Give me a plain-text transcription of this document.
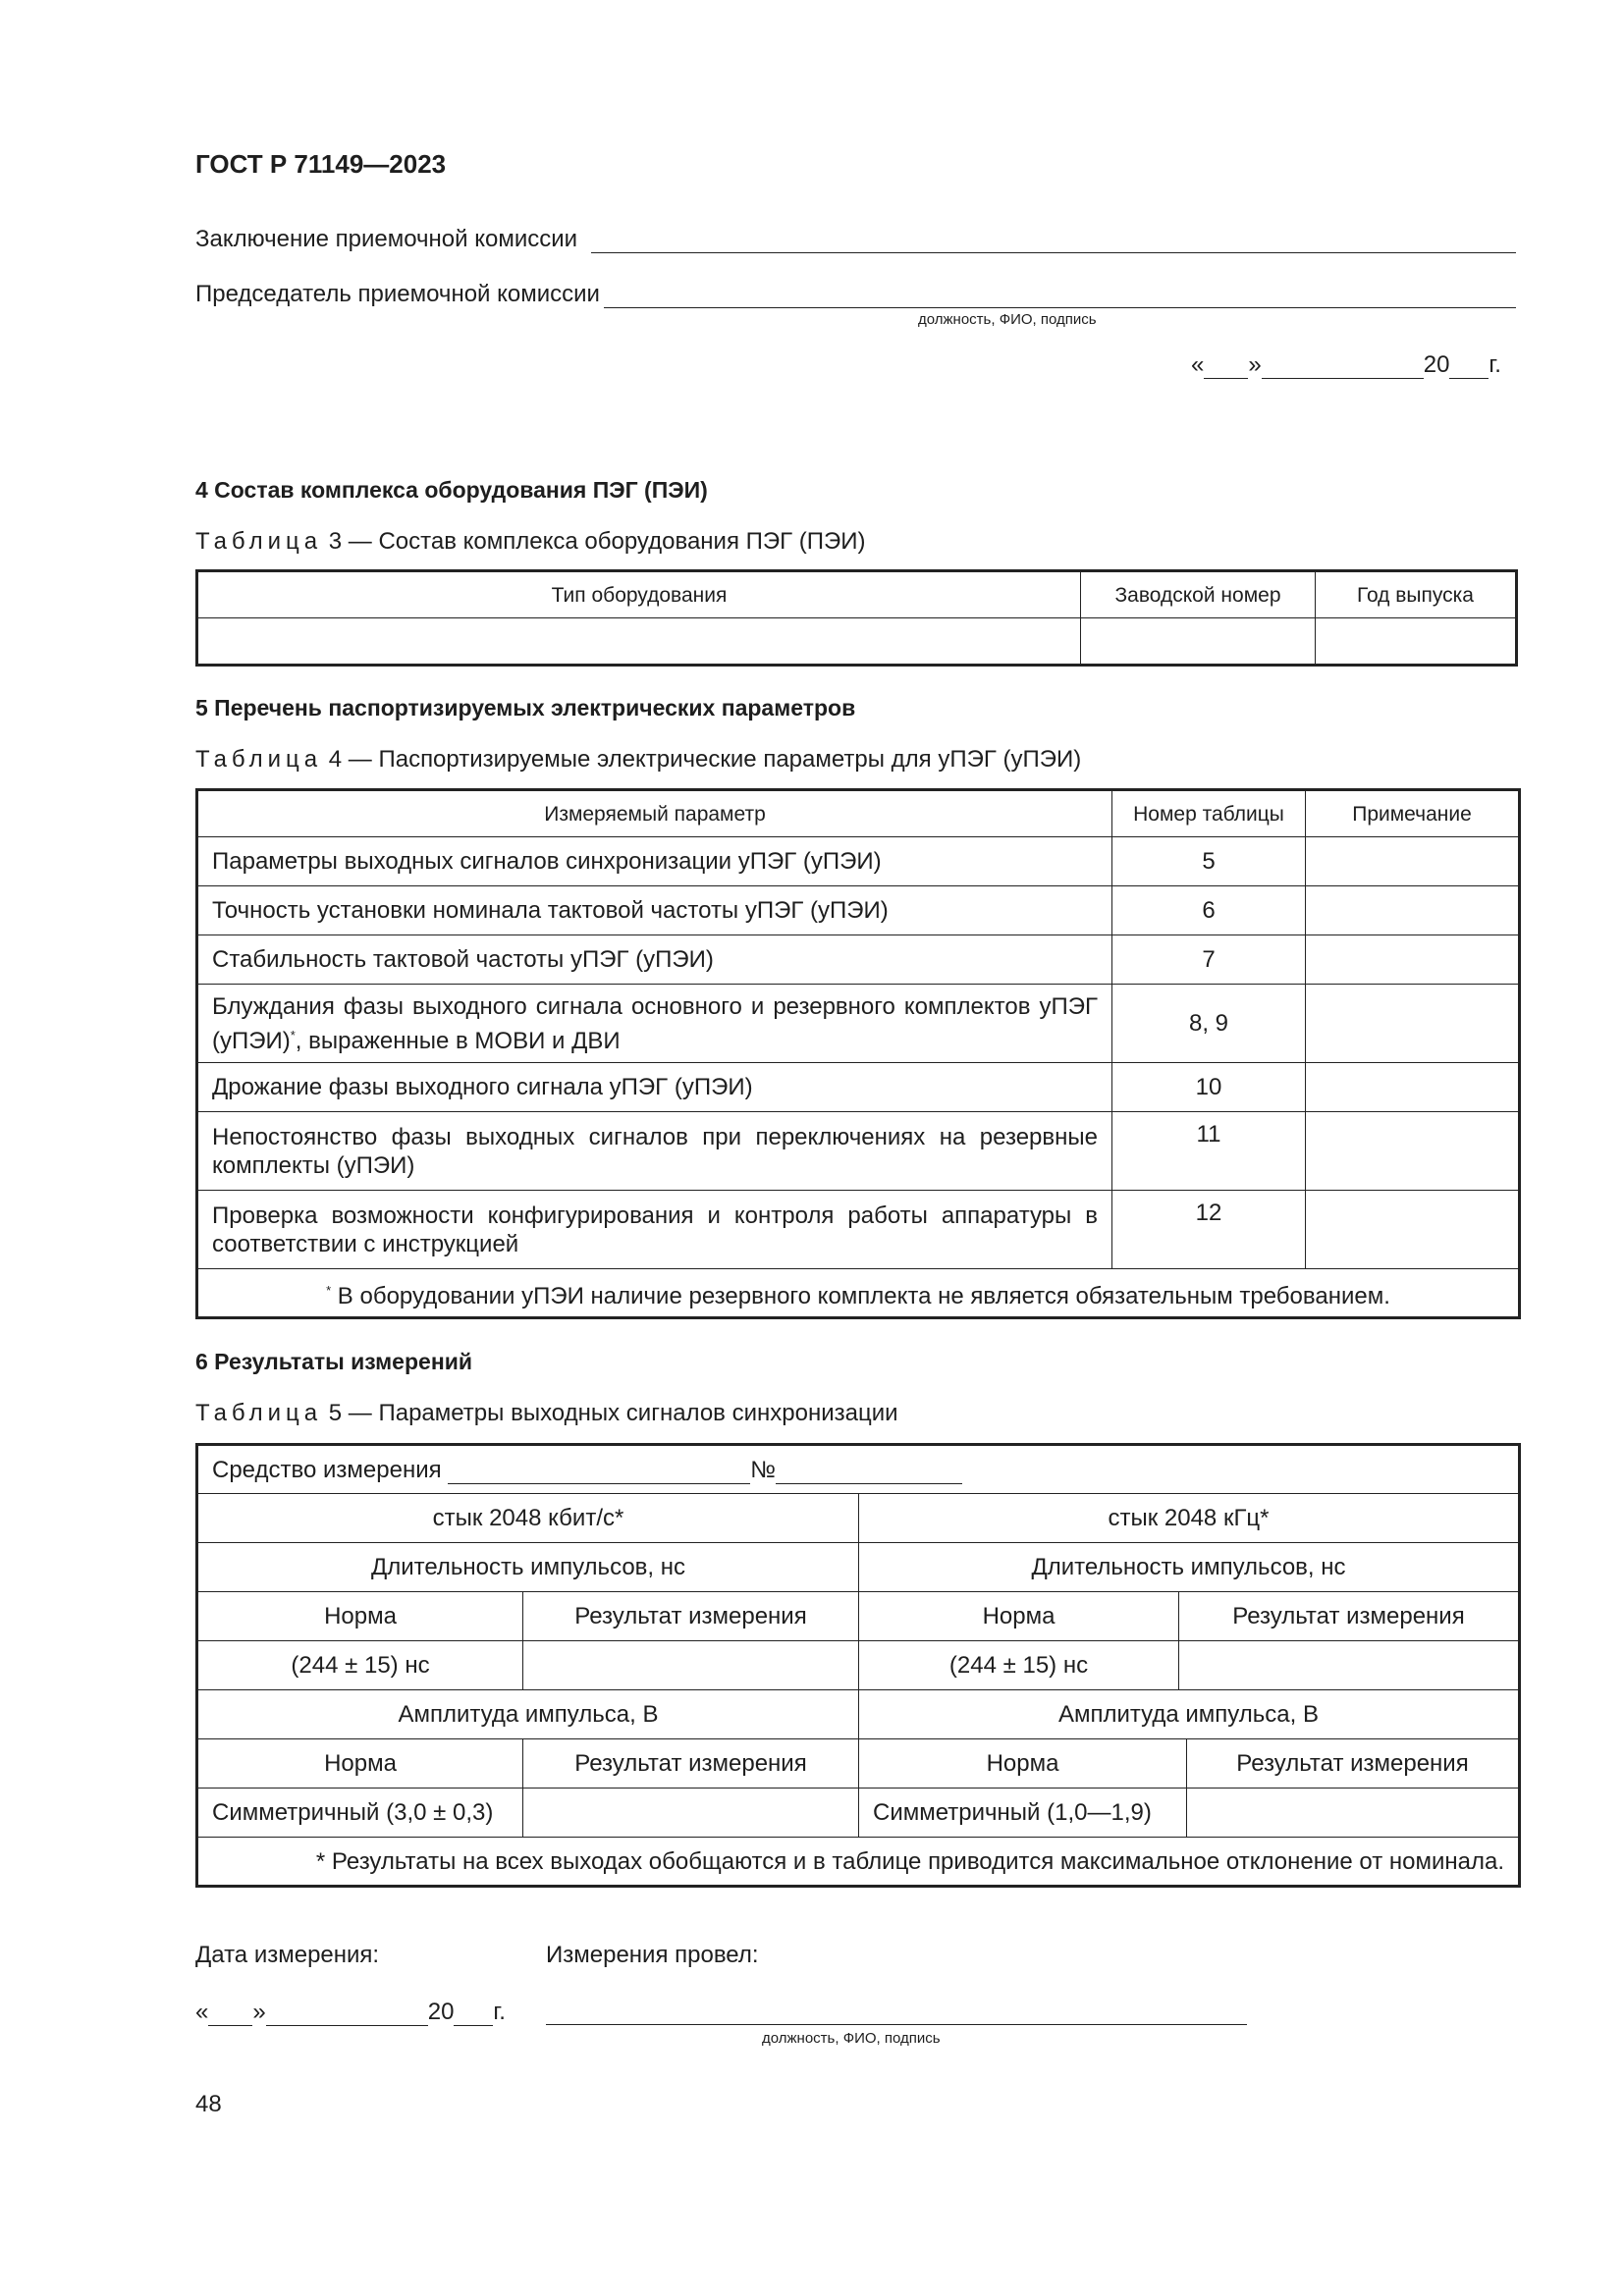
ГОСТ Р 71149—2023
Заключение приемочной комиссии
Председатель приемочной комиссии
должность, ФИО, подпись
« »	20 г.
4 Состав комплекса оборудования ПЭГ (ПЭИ)
Таблица 3 — Состав комплекса оборудования ПЭГ (ПЭИ)
Тип оборудования	Заводской номер	Год выпуска

5 Перечень паспортизируемых электрических параметров
Таблица 4 — Паспортизируемые электрические параметры для уПЭГ (уПЭИ)
Измеряемый параметр	Номер таблицы	Примечание
Параметры выходных сигналов синхронизации уПЭГ (уПЭИ)	5	
Точность установки номинала тактовой частоты уПЭГ (уПЭИ)	6	
Стабильность тактовой частоты уПЭГ (уПЭИ)	7	
Блуждания фазы выходного сигнала основного и резервного комплектов уПЭГ (уПЭИ)*, выраженные в МОВИ и ДВИ	8, 9	
Дрожание фазы выходного сигнала уПЭГ (уПЭИ)	10	
Непостоянство фазы выходных сигналов при переключениях на резервные комплекты (уПЭИ)	11	
Проверка возможности конфигурирования и контроля работы аппаратуры в соответствии с инструкцией	12	
* В оборудовании уПЭИ наличие резервного комплекта не является обязательным требованием.		
6 Результаты измерений
Таблица 5 — Параметры выходных сигналов синхронизации
Средство измерения №				
стык 2048 кбит/с*		стык 2048 кГц*		
Длительность импульсов, нс		Длительность импульсов, нс		
Норма	Результат измерения	Норма	Результат измерения	
(244 ± 15) нс		(244 ± 15) нс		
Амплитуда импульса, В		Амплитуда импульса, В		
Норма	Результат измерения	Норма		Результат измерения
Симметричный (3,0 ± 0,3)		Симметричный (1,0—1,9)		
* Результаты на всех выходах обобщаются и в таблице приводится максимальное отклонение от номинала.				
Дата измерения:	Измерения провел:
« »	20 г.
должность, ФИО, подпись
48
